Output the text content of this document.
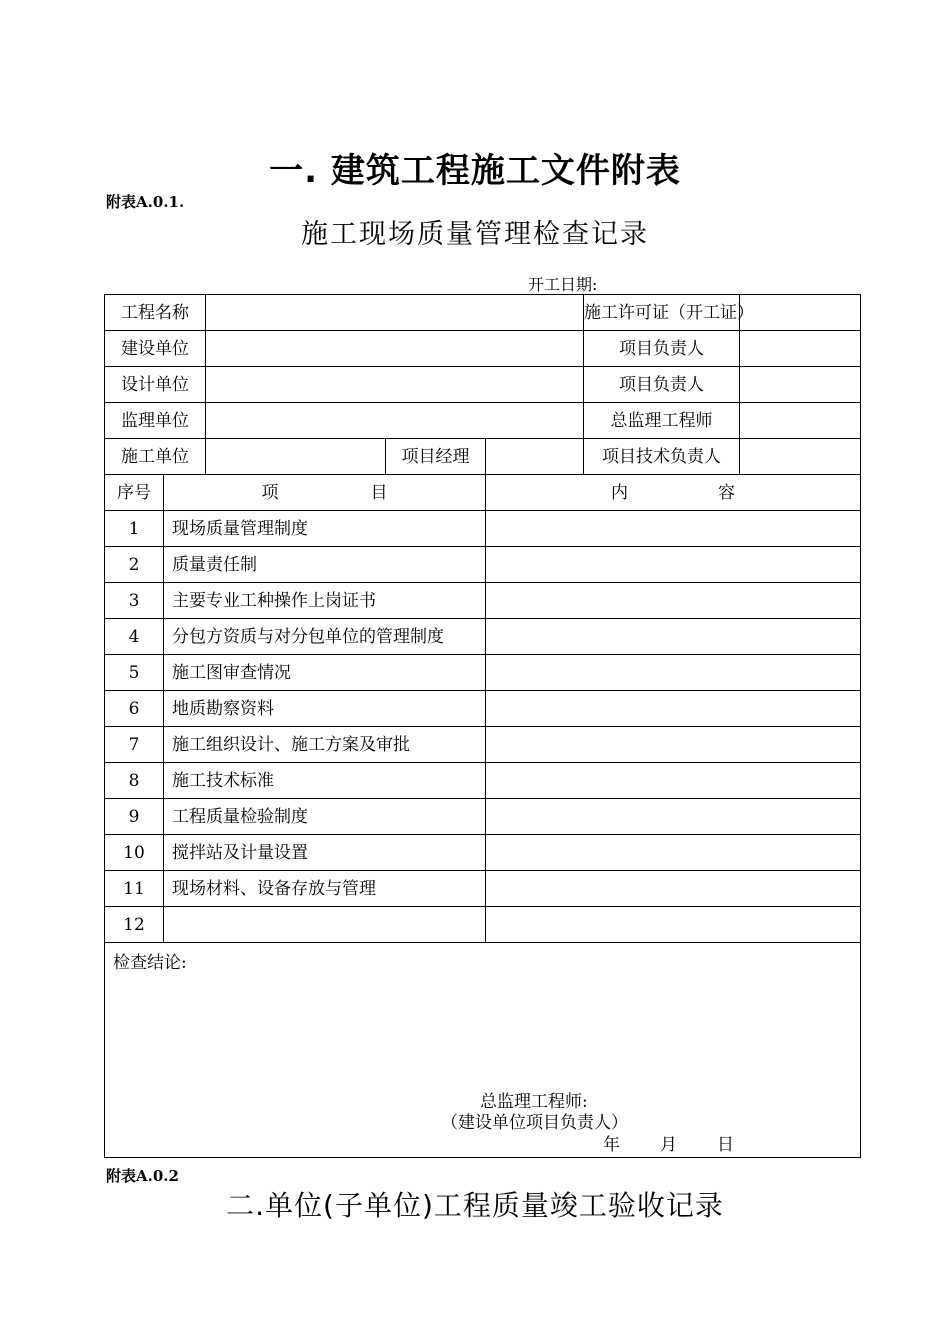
一. 建筑工程施工文件附表
附表A.0.1.
施工现场质量管理检查记录
开工日期:
工程名称					施工许可证（开工证）	
建设单位					项目负责人	
设计单位					项目负责人	
监理单位					总监理工程师	
施工单位			项目经理		项目技术负责人	
序号	项 目			内 容		
1	现场质量管理制度					
2	质量责任制					
3	主要专业工种操作上岗证书					
4	分包方资质与对分包单位的管理制度					
5	施工图审查情况					
6	地质勘察资料					
7	施工组织设计、施工方案及审批					
8	施工技术标准					
9	工程质量检验制度					
10	搅拌站及计量设置					
11	现场材料、设备存放与管理					
12						

检查结论:
总监理工程师:
（建设单位项目负责人）
年 月 日						
附表A.0.2
二.单位(子单位)工程质量竣工验收记录
